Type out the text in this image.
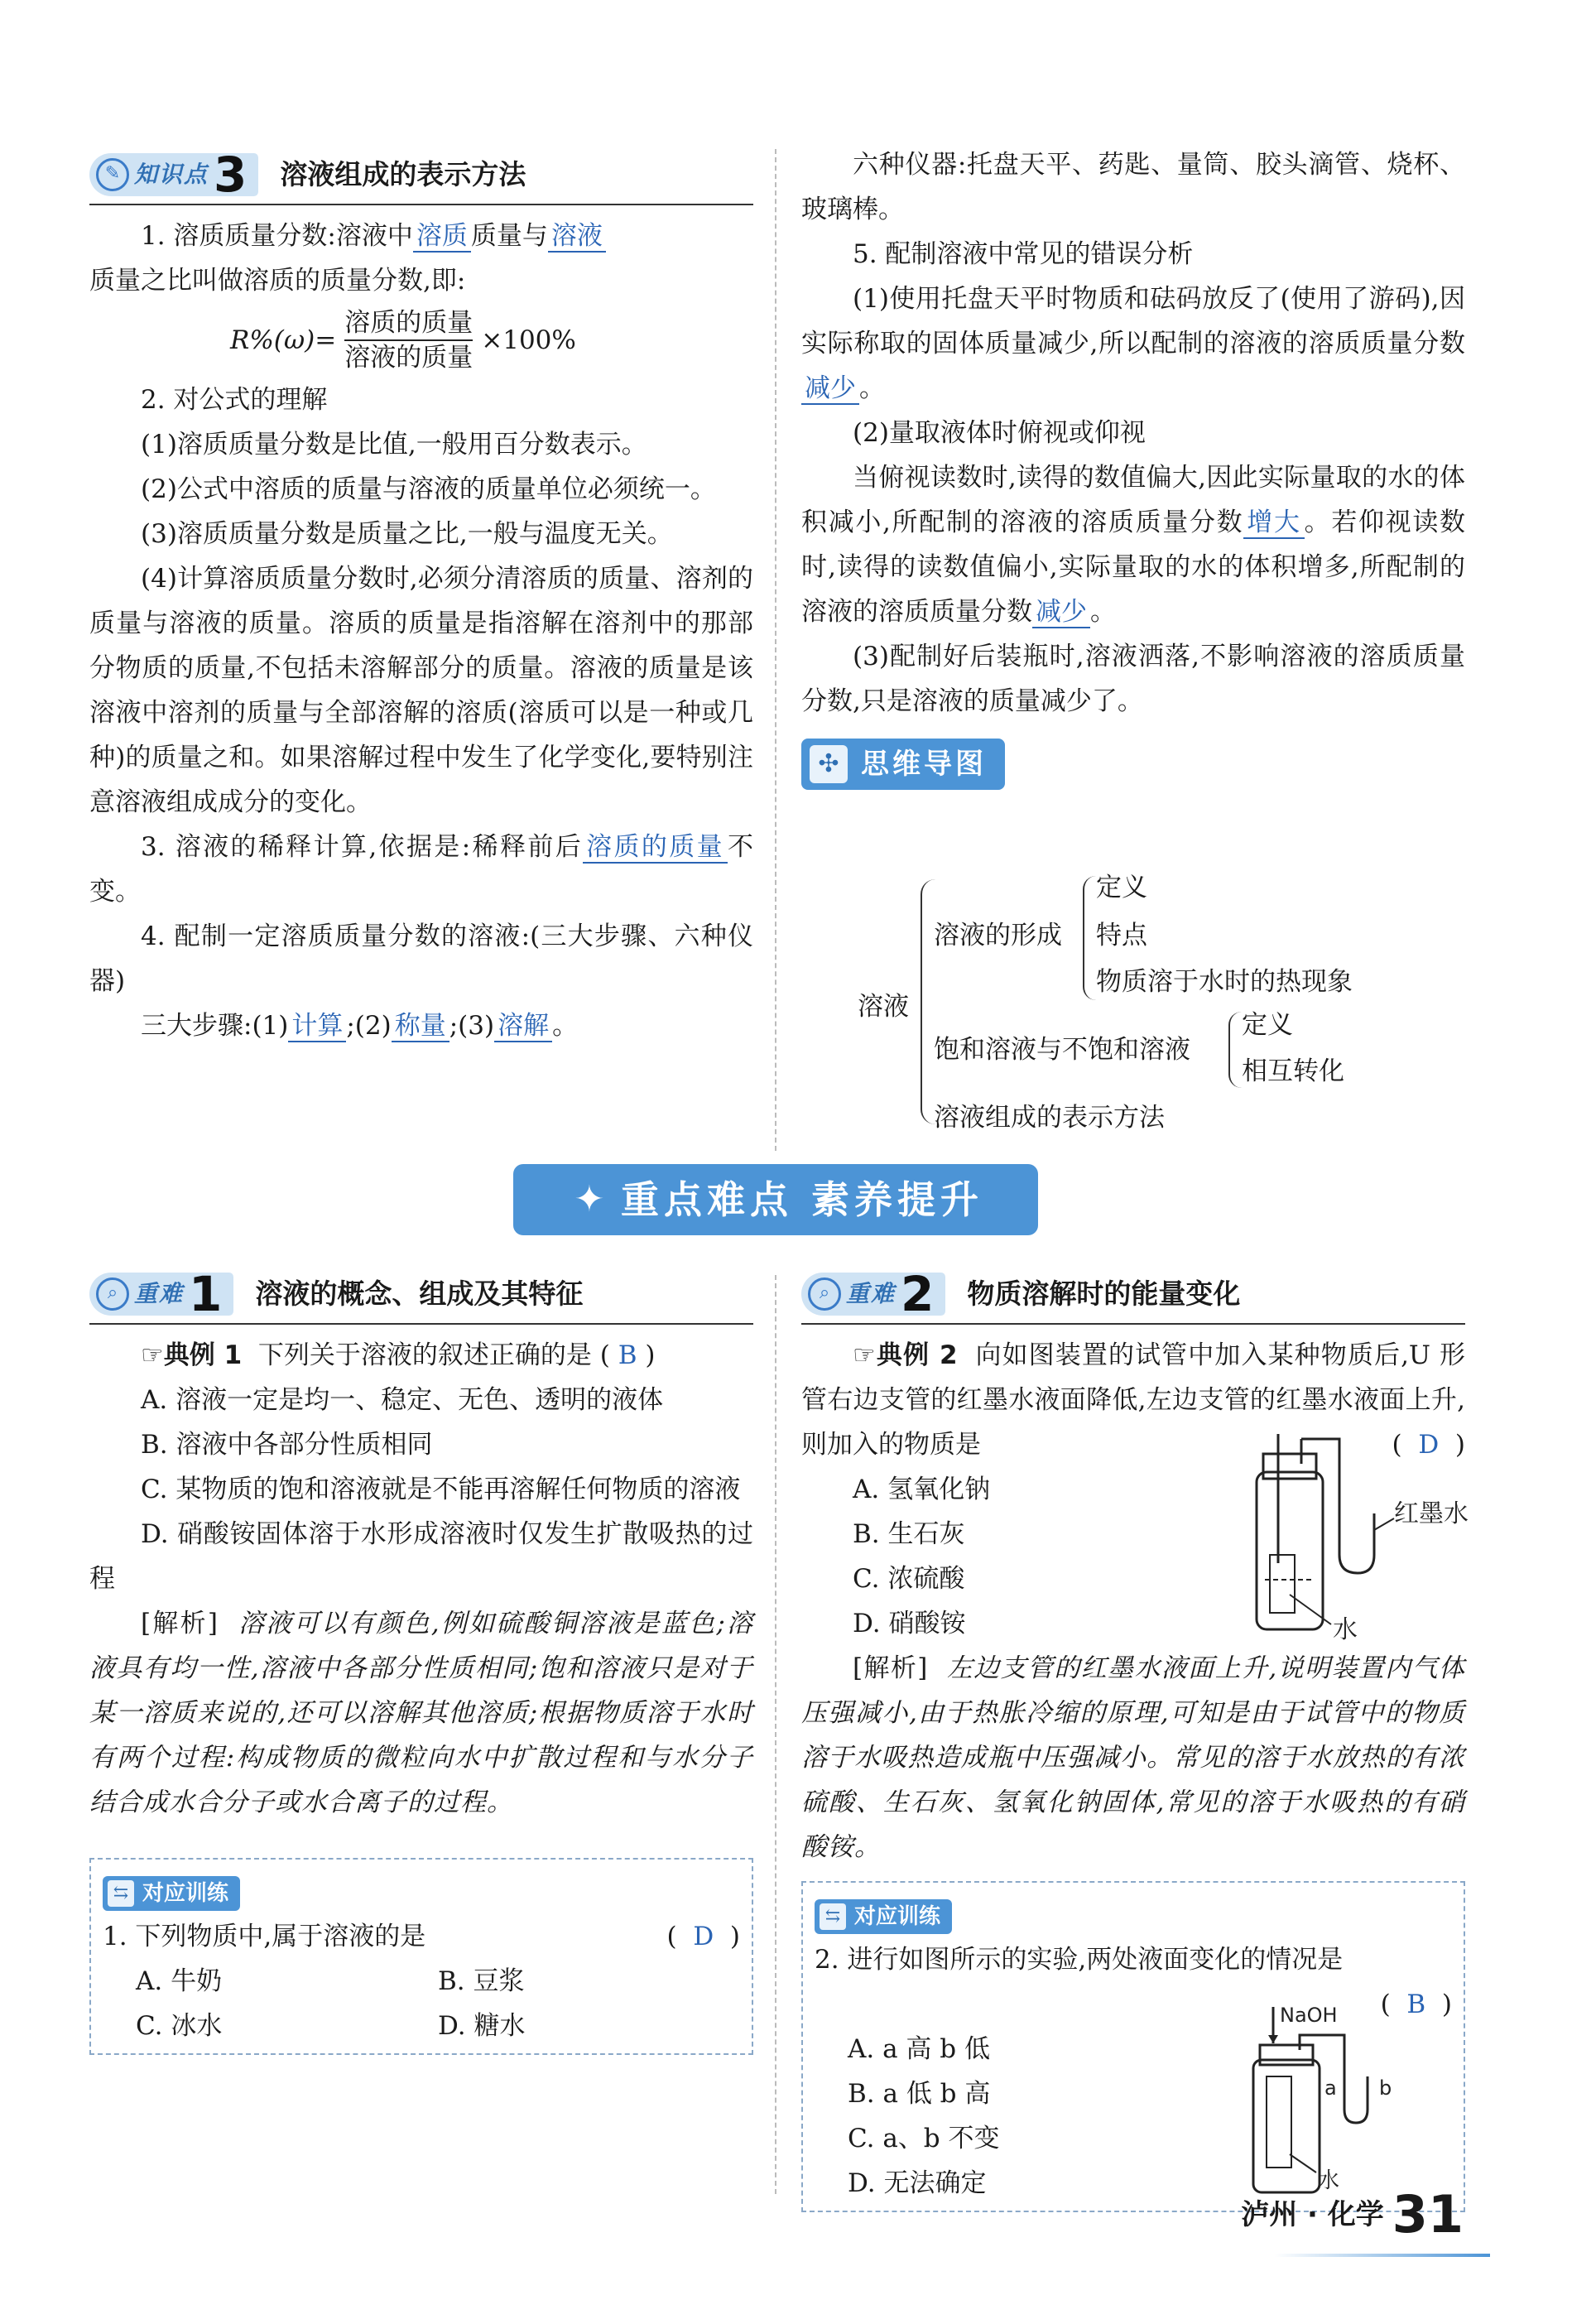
✎ 知识点 3 溶液组成的表示方法

1. 溶质质量分数:溶液中 溶质 质量与 溶液

质量之比叫做溶质的质量分数,即:

$R\%(\omega)= \frac{\text{溶质的质量}}{\text{溶液的质量}} \times 100\%$

2. 对公式的理解

(1)溶质质量分数是比值,一般用百分数表示。

(2)公式中溶质的质量与溶液的质量单位必须统一。

(3)溶质质量分数是质量之比,一般与温度无关。

(4)计算溶质质量分数时,必须分清溶质的质量、溶剂的质量与溶液的质量。溶质的质量是指溶解在溶剂中的那部分物质的质量,不包括未溶解部分的质量。溶液的质量是该溶液中溶剂的质量与全部溶解的溶质(溶质可以是一种或几种)的质量之和。如果溶解过程中发生了化学变化,要特别注意溶液组成成分的变化。

3. 溶液的稀释计算,依据是:稀释前后 溶质的质量 不变。

4. 配制一定溶质质量分数的溶液:(三大步骤、六种仪器)

三大步骤:(1) 计算 ;(2) 称量 ;(3) 溶解 。

六种仪器:托盘天平、药匙、量筒、胶头滴管、烧杯、玻璃棒。

5. 配制溶液中常见的错误分析

(1)使用托盘天平时物质和砝码放反了(使用了游码),因实际称取的固体质量减少,所以配制的溶液的溶质质量分数减少 。

(2)量取液体时俯视或仰视

当俯视读数时,读得的数值偏大,因此实际量取的水的体积减小,所配制的溶液的溶质质量分数 增大 。若仰视读数时,读得的读数值偏小,实际量取的水的体积增多,所配制的溶液的溶质质量分数 减少 。

(3)配制好后装瓶时,溶液洒落,不影响溶液的溶质质量分数,只是溶液的质量减少了。

✣ 思维导图
溶液
溶液的形成
定义
特点
物质溶于水时的热现象
饱和溶液与不饱和溶液
定义
相互转化
溶液组成的表示方法
✦ 重点难点 素养提升
⌕ 重难 1 溶液的概念、组成及其特征

☞典例 1 下列关于溶液的叙述正确的是 ( B )

A. 溶液一定是均一、稳定、无色、透明的液体

B. 溶液中各部分性质相同

C. 某物质的饱和溶液就是不能再溶解任何物质的溶液

D. 硝酸铵固体溶于水形成溶液时仅发生扩散吸热的过程

[解析] 溶液可以有颜色,例如硫酸铜溶液是蓝色;溶液具有均一性,溶液中各部分性质相同;饱和溶液只是对于某一溶质来说的,还可以溶解其他溶质;根据物质溶于水时有两个过程:构成物质的微粒向水中扩散过程和与水分子结合成水合分子或水合离子的过程。

⇆ 对应训练

1. 下列物质中,属于溶液的是	(  D  )

A. 牛奶	B. 豆浆
C. 冰水	D. 糖水
⌕ 重难 2 物质溶解时的能量变化

☞典例 2 向如图装置的试管中加入某种物质后,U 形管右边支管的红墨水液面降低,左边支管的红墨水液面上升,则加入的物质是	(  D  )

A. 氢氧化钠

B. 生石灰

C. 浓硫酸

D. 硝酸铵

红墨水
水

[解析] 左边支管的红墨水液面上升,说明装置内气体压强减小,由于热胀冷缩的原理,可知是由于试管中的物质溶于水吸热造成瓶中压强减小。常见的溶于水放热的有浓硫酸、生石灰、氢氧化钠固体,常见的溶于水吸热的有硝酸铵。

⇆ 对应训练

2. 进行如图所示的实验,两处液面变化的情况是

(  B  )

A. a 高 b 低

B. a 低 b 高

C. a、b 不变

D. 无法确定

NaOH
a b
水
泸州 · 化学 31
